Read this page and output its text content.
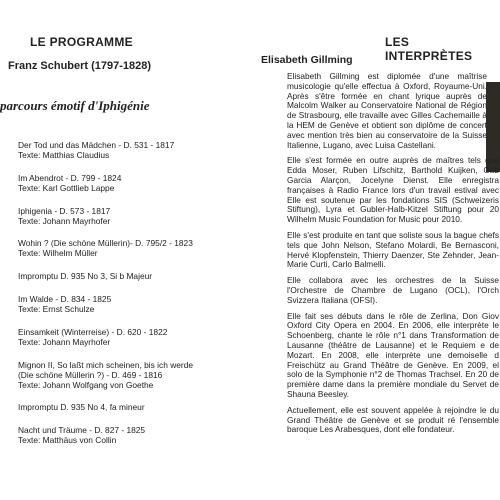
LE PROGRAMME
Franz Schubert (1797-1828)
parcours émotif d'Iphigénie
Der Tod und das Mädchen - D. 531 - 1817
Texte: Matthias Claudius
Im Abendrot - D. 799 - 1824
Texte: Karl Gottlieb Lappe
Iphigenia - D. 573 - 1817
Texte: Johann Mayrhofer
Wohin ? (Die schöne Müllerin)- D. 795/2 - 1823
Texte: Wilhelm Müller
Impromptu D. 935 No 3, Si b Majeur
Im Walde - D. 834 - 1825
Texte: Ernst Schulze
Einsamkeit (Winterreise) - D. 620 - 1822
Texte: Johann Mayrhofer
Mignon II, So laßt mich scheinen, bis ich werde
(Die schöne Müllerin ?) - D. 469 - 1816
Texte: Johann Wolfgang von Goethe
Impromptu D. 935 No 4, fa mineur
Nacht und Träume - D. 827 - 1825
Texte: Matthäus von Collin
LES INTERPRÈTES
Elisabeth Gillming

Elisabeth Gillming est diplomée d'une maîtrise musicologie qu'elle effectua à Oxford, Royaume-Uni. Après s'être formée en chant lyrique auprès de Malcolm Walker au Conservatoire National de Région de Strasbourg, elle travaille avec Gilles Cachemaille à la HEM de Genève et obtient son diplôme de concert avec mention très bien au conservatoire de la Suisse Italienne, Lugano, avec Luisa Castellani.

Elle s'est formée en outre auprès de maîtres tels que Edda Moser, Ruben Lifschitz, Barthold Kuijken, Gab Garcia Alarçon, Jocelyne Dienst. Elle enregistra françaises à Radio France lors d'un travail estival avec Elle est soutenue par les fondations SIS (Schweizeris Stiftung), Lyra et Gubler-Halb-Kitzel Stiftung pour 20 Wilhelm Music Foundation for Music pour 2010.

Elle s'est produite en tant que soliste sous la bague chefs tels que John Nelson, Stefano Molardi, Be Bernasconi, Hervé Klopfenstein, Thierry Daenzer, Ste Zehnder, Jean-Marie Curti, Carlo Balmelli.

Elle collabora avec les orchestres de la Suisse l'Orchestre de Chambre de Lugano (OCL), l'Orch Svizzera Italiana (OFSI).

Elle fait ses débuts dans le rôle de Zerlina, Don Giov Oxford City Opera en 2004. En 2006, elle interprète le Schoenberg, chante le rôle n°1 dans Transformation de Lausanne (théâtre de Lausanne) et le Requiem e de Mozart. En 2008, elle interprète une demoiselle d Freischütz au Grand Théâtre de Genève. En 2009, el solo de la Symphonie n°2 de Thomas Trachsel. En 20 de première dame dans la première mondiale du Servet de Shauna Beesley.

Actuellement, elle est souvent appelée à rejoindre le du Grand Théâtre de Genève et se produit ré l'ensemble baroque Les Arabesques, dont elle fondateur.
